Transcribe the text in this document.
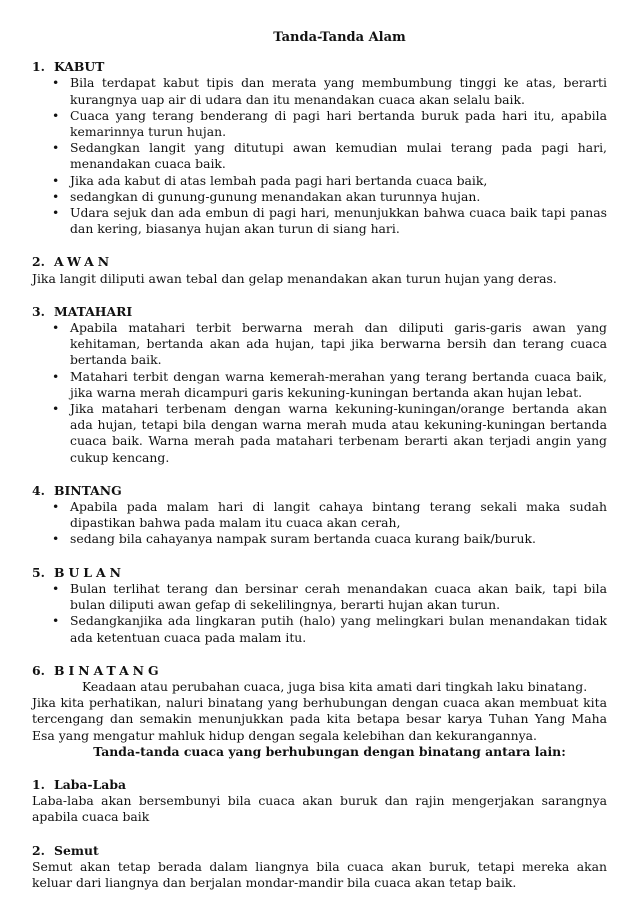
Tanda-Tanda Alam
1. KABUT
• Bila terdapat kabut tipis dan merata yang membumbung tinggi ke atas, berarti kurangnya uap air di udara dan itu menandakan cuaca akan selalu baik.
• Cuaca yang terang benderang di pagi hari bertanda buruk pada hari itu, apabila kemarinnya turun hujan.
• Sedangkan langit yang ditutupi awan kemudian mulai terang pada pagi hari, menandakan cuaca baik.
• Jika ada kabut di atas lembah pada pagi hari bertanda cuaca baik,
• sedangkan di gunung-gunung menandakan akan turunnya hujan.
• Udara sejuk dan ada embun di pagi hari, menunjukkan bahwa cuaca baik tapi panas dan kering, biasanya hujan akan turun di siang hari.
2. AWAN

Jika langit diliputi awan tebal dan gelap menandakan akan turun hujan yang deras.

3. MATAHARI
• Apabila matahari terbit berwarna merah dan diliputi garis-garis awan yang kehitaman, bertanda akan ada hujan, tapi jika berwarna bersih dan terang cuaca bertanda baik.
• Matahari terbit dengan warna kemerah-merahan yang terang bertanda cuaca baik, jika warna merah dicampuri garis kekuning-kuningan bertanda akan hujan lebat.
• Jika matahari terbenam dengan warna kekuning-kuningan/orange bertanda akan ada hujan, tetapi bila dengan warna merah muda atau kekuning-kuningan bertanda cuaca baik. Warna merah pada matahari terbenam berarti akan terjadi angin yang cukup kencang.
4. BINTANG
• Apabila pada malam hari di langit cahaya bintang terang sekali maka sudah dipastikan bahwa pada malam itu cuaca akan cerah,
• sedang bila cahayanya nampak suram bertanda cuaca kurang baik/buruk.
5. BULAN
• Bulan terlihat terang dan bersinar cerah menandakan cuaca akan baik, tapi bila bulan diliputi awan gefap di sekelilingnya, berarti hujan akan turun.
• Sedangkanjika ada lingkaran putih (halo) yang melingkari bulan menandakan tidak ada ketentuan cuaca pada malam itu.
6. BINATANG

Keadaan atau perubahan cuaca, juga bisa kita amati dari tingkah laku binatang.

Jika kita perhatikan, naluri binatang yang berhubungan dengan cuaca akan membuat kita tercengang dan semakin menunjukkan pada kita betapa besar karya Tuhan Yang Maha Esa yang mengatur mahluk hidup dengan segala kelebihan dan kekurangannya.

Tanda-tanda cuaca yang berhubungan dengan binatang antara lain:
1. Laba-Laba

Laba-laba akan bersembunyi bila cuaca akan buruk dan rajin mengerjakan sarangnya apabila cuaca baik

2. Semut

Semut akan tetap berada dalam liangnya bila cuaca akan buruk, tetapi mereka akan keluar dari liangnya dan berjalan mondar-mandir bila cuaca akan tetap baik.
